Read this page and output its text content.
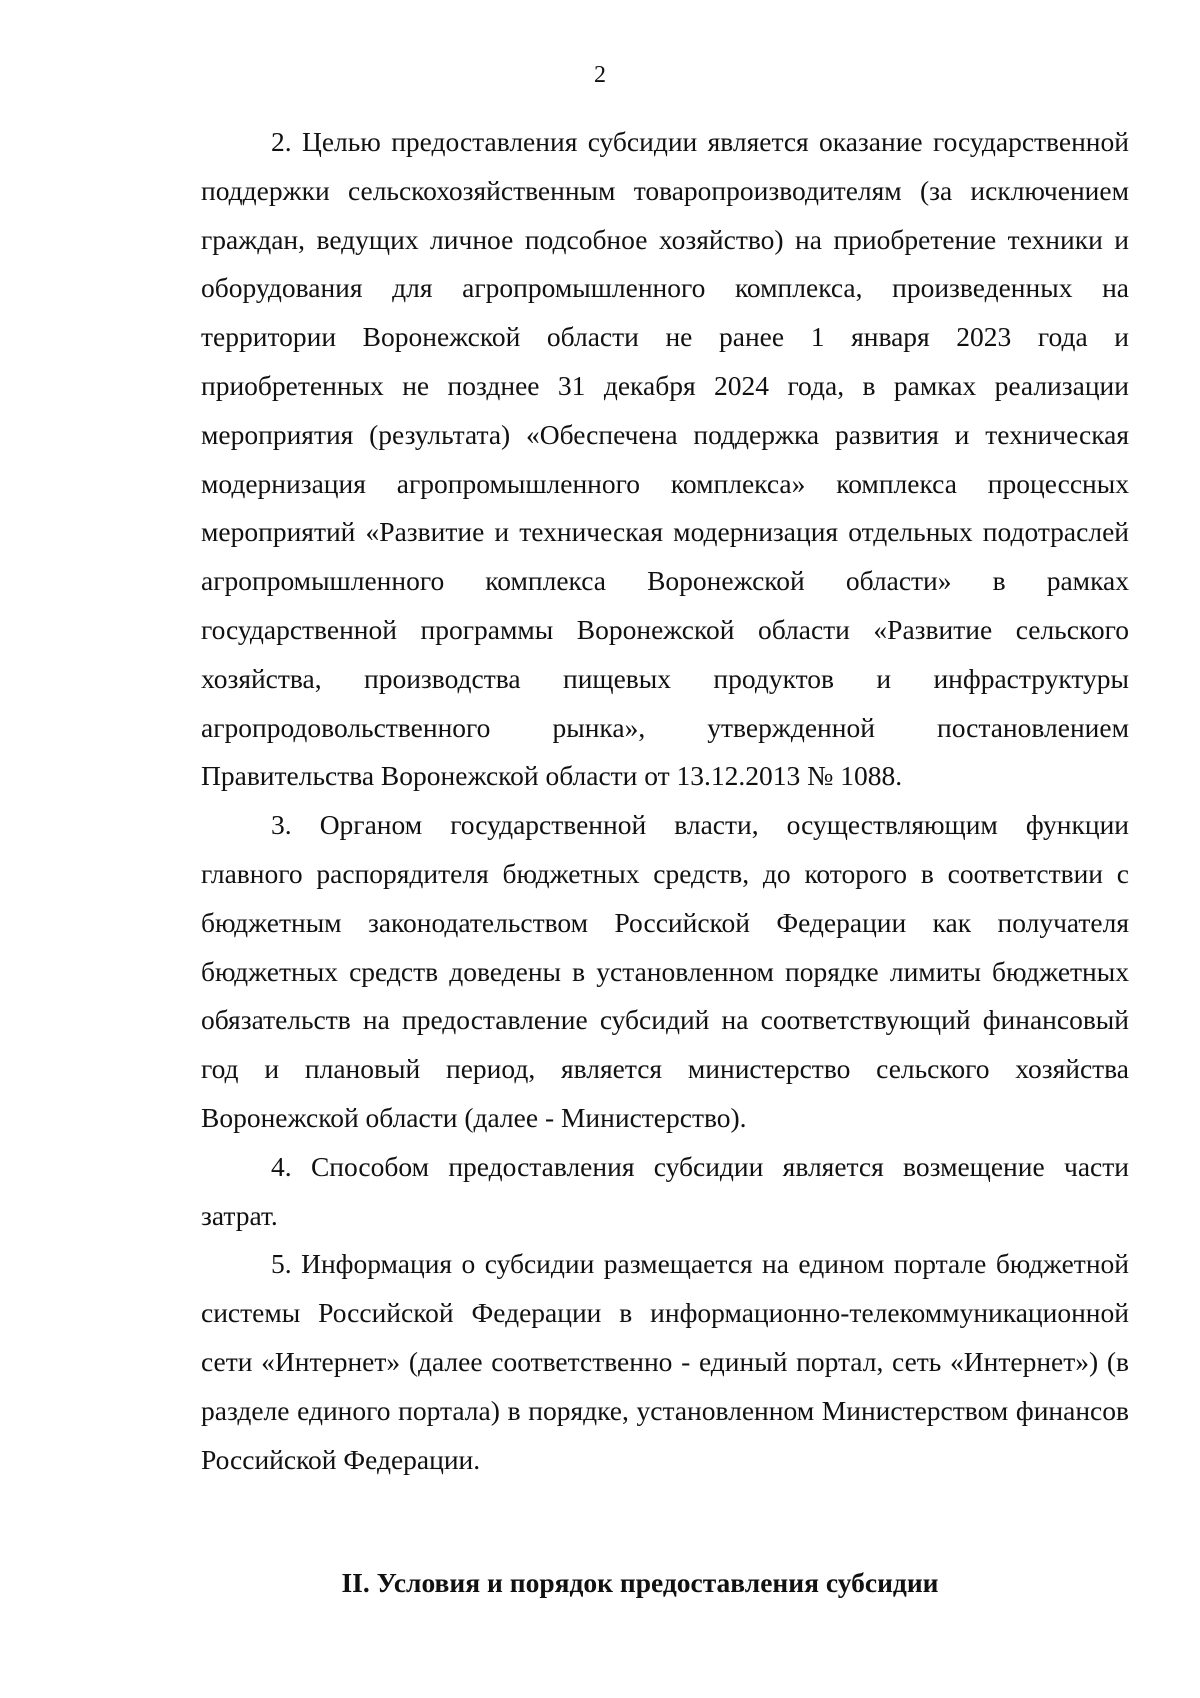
2

2. Целью предоставления субсидии является оказание государственной поддержки сельскохозяйственным товаропроизводителям (за исключением граждан, ведущих личное подсобное хозяйство) на приобретение техники и оборудования для агропромышленного комплекса, произведенных на территории Воронежской области не ранее 1 января 2023 года и приобретенных не позднее 31 декабря 2024 года, в рамках реализации мероприятия (результата) «Обеспечена поддержка развития и техническая модернизация агропромышленного комплекса» комплекса процессных мероприятий «Развитие и техническая модернизация отдельных подотраслей агропромышленного комплекса Воронежской области» в рамках государственной программы Воронежской области «Развитие сельского хозяйства, производства пищевых продуктов и инфраструктуры агропродовольственного рынка», утвержденной постановлением Правительства Воронежской области от 13.12.2013 № 1088.

3. Органом государственной власти, осуществляющим функции главного распорядителя бюджетных средств, до которого в соответствии с бюджетным законодательством Российской Федерации как получателя бюджетных средств доведены в установленном порядке лимиты бюджетных обязательств на предоставление субсидий на соответствующий финансовый год и плановый период, является министерство сельского хозяйства Воронежской области (далее - Министерство).

4. Способом предоставления субсидии является возмещение части затрат.

5. Информация о субсидии размещается на едином портале бюджетной системы Российской Федерации в информационно-телекоммуникационной сети «Интернет» (далее соответственно - единый портал, сеть «Интернет») (в разделе единого портала) в порядке, установленном Министерством финансов Российской Федерации.

II. Условия и порядок предоставления субсидии
